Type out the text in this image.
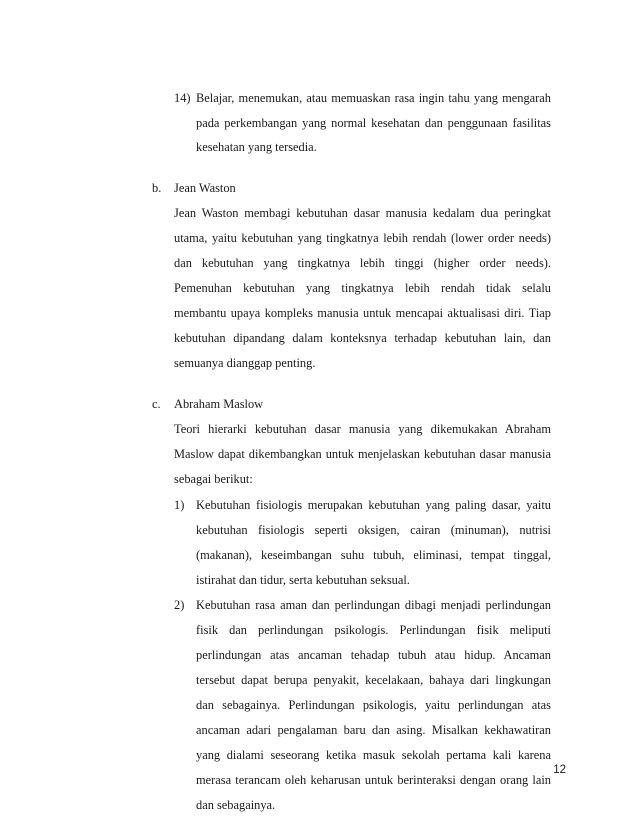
14) Belajar, menemukan, atau memuaskan rasa ingin tahu yang mengarah
pada perkembangan yang normal kesehatan dan penggunaan fasilitas
kesehatan yang tersedia.
b. Jean Waston
Jean Waston membagi kebutuhan dasar manusia kedalam dua peringkat
utama, yaitu kebutuhan yang tingkatnya lebih rendah (lower order needs)
dan kebutuhan yang tingkatnya lebih tinggi (higher order needs).
Pemenuhan kebutuhan yang tingkatnya lebih rendah tidak selalu
membantu upaya kompleks manusia untuk mencapai aktualisasi diri. Tiap
kebutuhan dipandang dalam konteksnya terhadap kebutuhan lain, dan
semuanya dianggap penting.
c. Abraham Maslow
Teori hierarki kebutuhan dasar manusia yang dikemukakan Abraham
Maslow dapat dikembangkan untuk menjelaskan kebutuhan dasar manusia
sebagai berikut:
1) Kebutuhan fisiologis merupakan kebutuhan yang paling dasar, yaitu
kebutuhan fisiologis seperti oksigen, cairan (minuman), nutrisi
(makanan), keseimbangan suhu tubuh, eliminasi, tempat tinggal,
istirahat dan tidur, serta kebutuhan seksual.
2) Kebutuhan rasa aman dan perlindungan dibagi menjadi perlindungan
fisik dan perlindungan psikologis. Perlindungan fisik meliputi
perlindungan atas ancaman tehadap tubuh atau hidup. Ancaman
tersebut dapat berupa penyakit, kecelakaan, bahaya dari lingkungan
dan sebagainya. Perlindungan psikologis, yaitu perlindungan atas
ancaman adari pengalaman baru dan asing. Misalkan kekhawatiran
yang dialami seseorang ketika masuk sekolah pertama kali karena
merasa terancam oleh keharusan untuk berinteraksi dengan orang lain
dan sebagainya.
12
